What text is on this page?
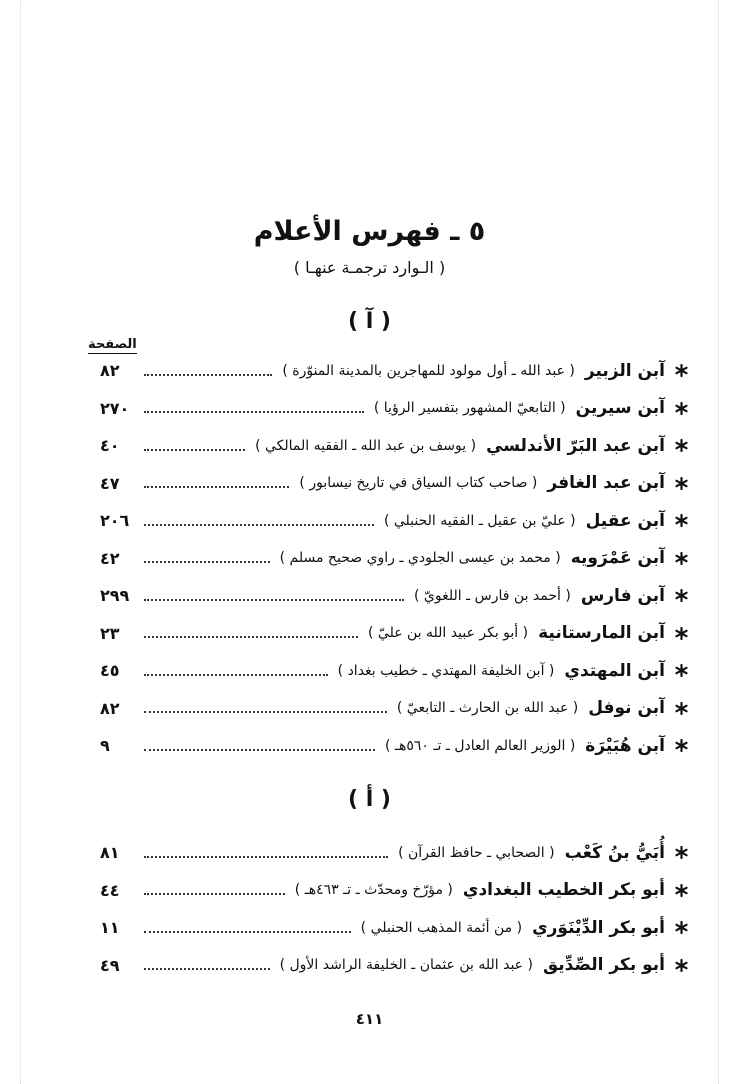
٥ ـ فهرس الأعلام
( الـوارد ترجمـة عنهـا )
( آ )
الصفحة
آبن الزبير
( عبد الله ـ أول مولود للمهاجرين بالمدينة المنوّرة )
٨٢
آبن سيرين
( التابعيّ المشهور بتفسير الرؤيا )
٢٧٠
آبن عبد البَرّ الأندلسي
( يوسف بن عبد الله ـ الفقيه المالكي )
٤٠
آبن عبد الغافر
( صاحب كتاب السياق في تاريخ نيسابور )
٤٧
آبن عقيل
( عليّ بن عقيل ـ الفقيه الحنبلي )
٢٠٦
آبن عَمْرَويه
( محمد بن عيسى الجلودي ـ راوي صحيح مسلم )
٤٢
آبن فارس
( أحمد بن فارس ـ اللغويّ )
٢٩٩
آبن المارستانية
( أبو بكر عبيد الله بن عليّ )
٢٣
آبن المهتدي
( آبن الخليفة المهتدي ـ خطيب بغداد )
٤٥
آبن نوفل
( عبد الله بن الحارث ـ التابعيّ )
٨٢
آبن هُبَيْرَة
( الوزير العالم العادل ـ تـ ٥٦٠هـ )
٩
( أ )
أُبَيُّ بنُ كَعْب
( الصحابي ـ حافظ القرآن )
٨١
أبو بكر الخطيب البغدادي
( مؤرّخ ومحدّث ـ تـ ٤٦٣هـ )
٤٤
أبو بكر الدِّيْنَوَري
( من أئمة المذهب الحنبلي )
١١
أبو بكر الصِّدِّيق
( عبد الله بن عثمان ـ الخليفة الراشد الأول )
٤٩
٤١١
